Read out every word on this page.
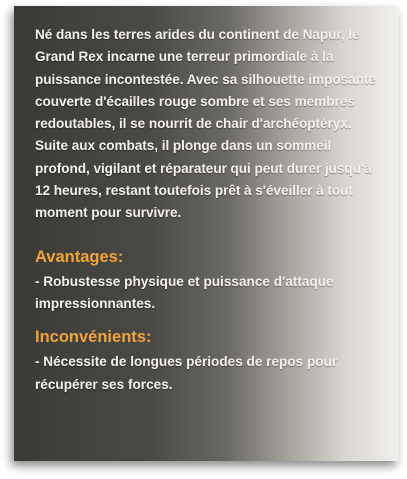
Né dans les terres arides du continent de Napur, le Grand Rex incarne une terreur primordiale à la puissance incontestée. Avec sa silhouette imposante couverte d'écailles rouge sombre et ses membres redoutables, il se nourrit de chair d'archéoptéryx. Suite aux combats, il plonge dans un sommeil profond, vigilant et réparateur qui peut durer jusqu'à 12 heures, restant toutefois prêt à s'éveiller à tout moment pour survivre.

Avantages:

- Robustesse physique et puissance d'attaque impressionnantes.

Inconvénients:

- Nécessite de longues périodes de repos pour récupérer ses forces.
